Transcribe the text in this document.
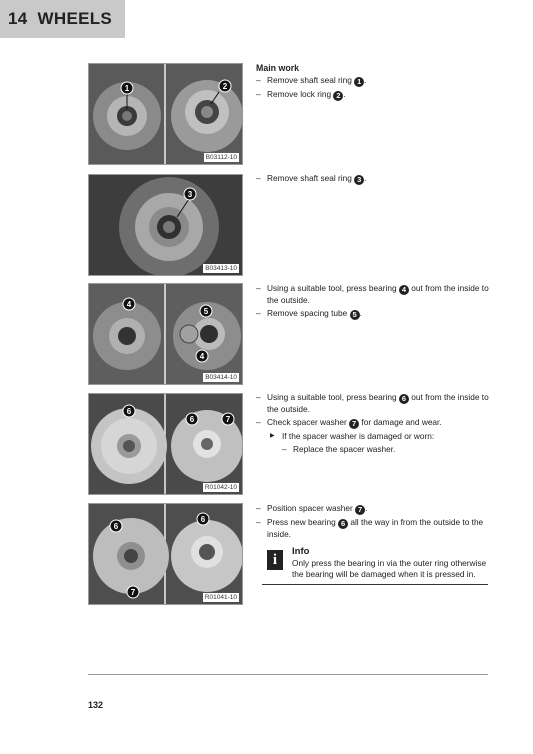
14 WHEELS
1	2
B03112-10
3
B03413-10
4
5
4
B03414-10
6
6	7
R01042-10
6
6
7
R01041-10
Main work
– Remove shaft seal ring 1 .
– Remove lock ring 2 .
– Remove shaft seal ring 3 .
– Using a suitable tool, press bearing 4 out from the inside to the outside.
– Remove spacing tube 5 .
– Using a suitable tool, press bearing 6 out from the inside to the outside.
– Check spacer washer 7 for damage and wear.
▶ If the spacer washer is damaged or worn:
– Replace the spacer washer.
– Position spacer washer 7 .
– Press new bearing 6 all the way in from the outside to the inside.
i
Info
Only press the bearing in via the outer ring otherwise the bearing will be damaged when it is pressed in.
132
